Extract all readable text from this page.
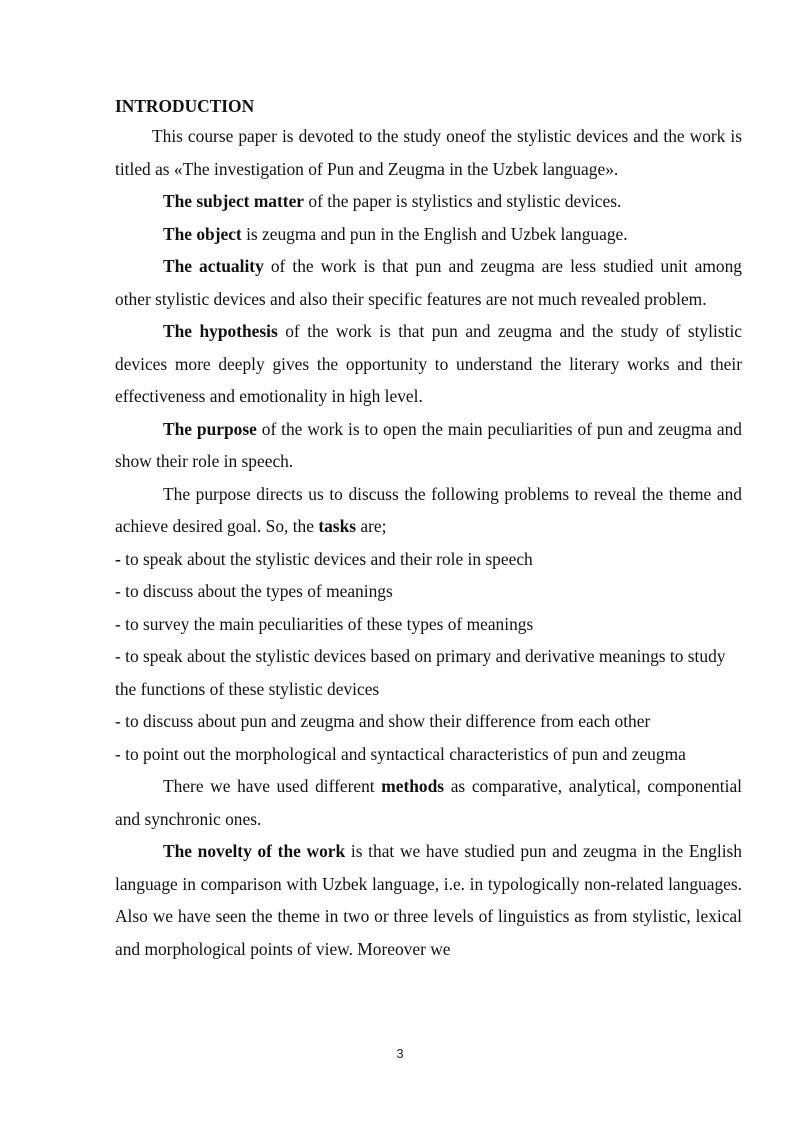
INTRODUCTION

This course paper is devoted to the study oneof the stylistic devices and the work is titled as «The investigation of Pun and Zeugma in the Uzbek language».

The subject matter of the paper is stylistics and stylistic devices.

The object is zeugma and pun in the English and Uzbek language.

The actuality of the work is that pun and zeugma are less studied unit among other stylistic devices and also their specific features are not much revealed problem.

The hypothesis of the work is that pun and zeugma and the study of stylistic devices more deeply gives the opportunity to understand the literary works and their effectiveness and emotionality in high level.

The purpose of the work is to open the main peculiarities of pun and zeugma and show their role in speech.

The purpose directs us to discuss the following problems to reveal the theme and achieve desired goal. So, the tasks are;

- to speak about the stylistic devices and their role in speech

- to discuss about the types of meanings

- to survey the main peculiarities of these types of meanings

- to speak about the stylistic devices based on primary and derivative meanings to study the functions of these stylistic devices

- to discuss about pun and zeugma and show their difference from each other

- to point out the morphological and syntactical characteristics of pun and zeugma

There we have used different methods as comparative, analytical, componential and synchronic ones.

The novelty of the work is that we have studied pun and zeugma in the English language in comparison with Uzbek language, i.e. in typologically non-related languages. Also we have seen the theme in two or three levels of linguistics as from stylistic, lexical and morphological points of view. Moreover we

3
